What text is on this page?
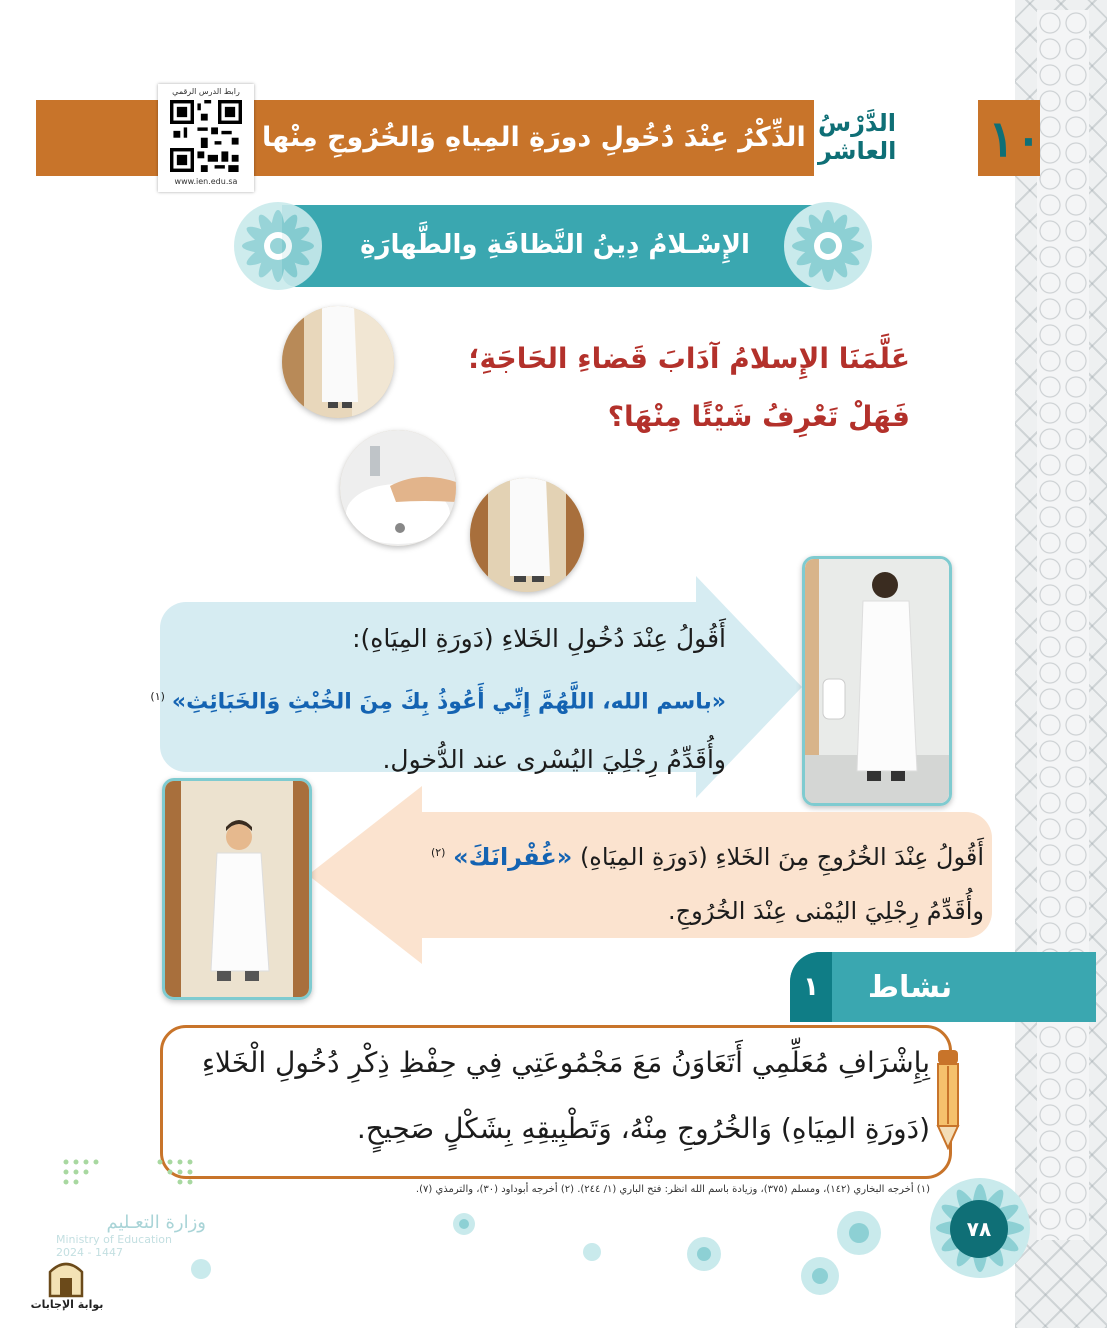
١٠
الدَّرْسُ العاشر
الذِّكْرُ عِنْدَ دُخُولِ دورَةِ المِياهِ وَالخُرُوجِ مِنْها
رابط الدرس الرقمي
www.ien.edu.sa
الإِسْـلامُ دِينُ النَّظافَةِ والطَّهارَةِ
عَلَّمَنَا الإِسلامُ آدَابَ قَضاءِ الحَاجَةِ؛
فَهَلْ تَعْرِفُ شَيْئًا مِنْهَا؟
أَقُولُ عِنْدَ دُخُولِ الخَلاءِ (دَورَةِ المِيَاهِ):
«باسم الله، اللَّهُمَّ إِنِّي أَعُوذُ بِكَ مِنَ الخُبْثِ وَالخَبَائِثِ» $^{(١)}$
وأُقَدِّمُ رِجْلِيَ اليُسْرى عند الدُّخول.
أَقُولُ عِنْدَ الخُرُوجِ مِنَ الخَلاءِ (دَورَةِ المِيَاهِ) «غُفْرانَكَ» $^{(٢)}$
وأُقَدِّمُ رِجْلِيَ اليُمْنى عِنْدَ الخُرُوجِ.
١	نشاط
بِإِشْرَافِ مُعَلِّمِي أَتَعَاوَنُ مَعَ مَجْمُوعَتِي فِي حِفْظِ ذِكْرِ دُخُولِ الْخَلاءِ
(دَورَةِ المِيَاهِ) وَالخُرُوجِ مِنْهُ، وَتَطْبِيقِهِ بِشَكْلٍ صَحِيحٍ.
(١) أخرجه البخاري (١٤٢)، ومسلم (٣٧٥)، وزيادة باسم الله انظر: فتح الباري (١/ ٢٤٤). (٢) أخرجه أبوداود (٣٠)، والترمذي (٧).
٧٨
وزارة التعـليم
Ministry of Education
2024 - 1447
بوابة الإجابات
